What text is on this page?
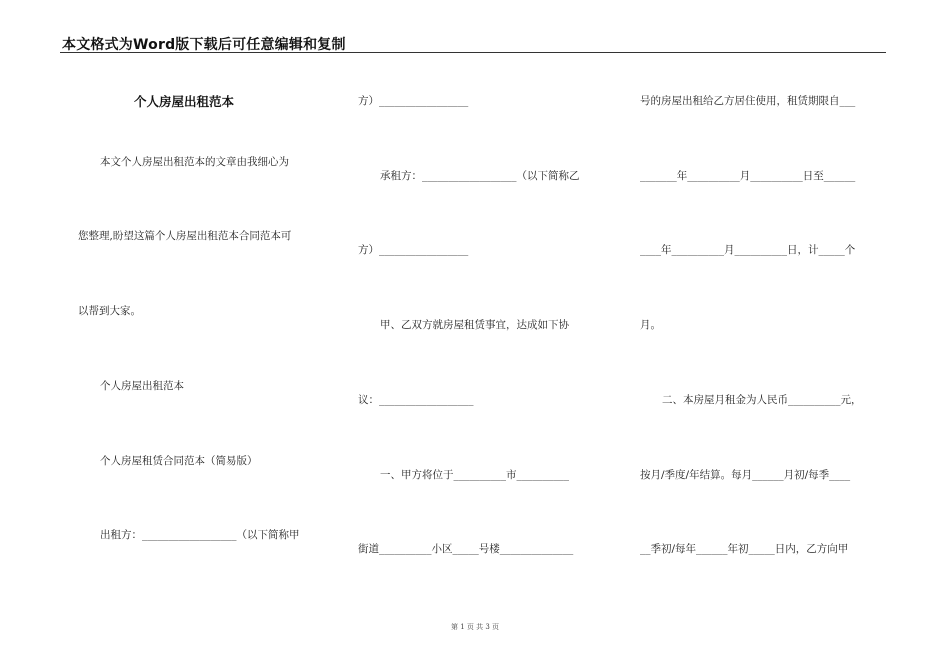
本文格式为Word版下载后可任意编辑和复制
个人房屋出租范本
本文个人房屋出租范本的文章由我细心为
您整理,盼望这篇个人房屋出租范本合同范本可
以帮到大家。
个人房屋出租范本
个人房屋租赁合同范本（简易版）
出租方：__________________（以下简称甲
方）_________________
承租方：__________________（以下简称乙
方）_________________
甲、乙双方就房屋租赁事宜，达成如下协
议：__________________
一、甲方将位于__________市__________
街道__________小区_____号楼______________
号的房屋出租给乙方居住使用，租赁期限自___
_______年__________月__________日至______
____年__________月__________日，计_____个
月。
二、本房屋月租金为人民币__________元，
按月/季度/年结算。每月______月初/每季____
__季初/每年______年初_____日内，乙方向甲
第 1 页 共 3 页
